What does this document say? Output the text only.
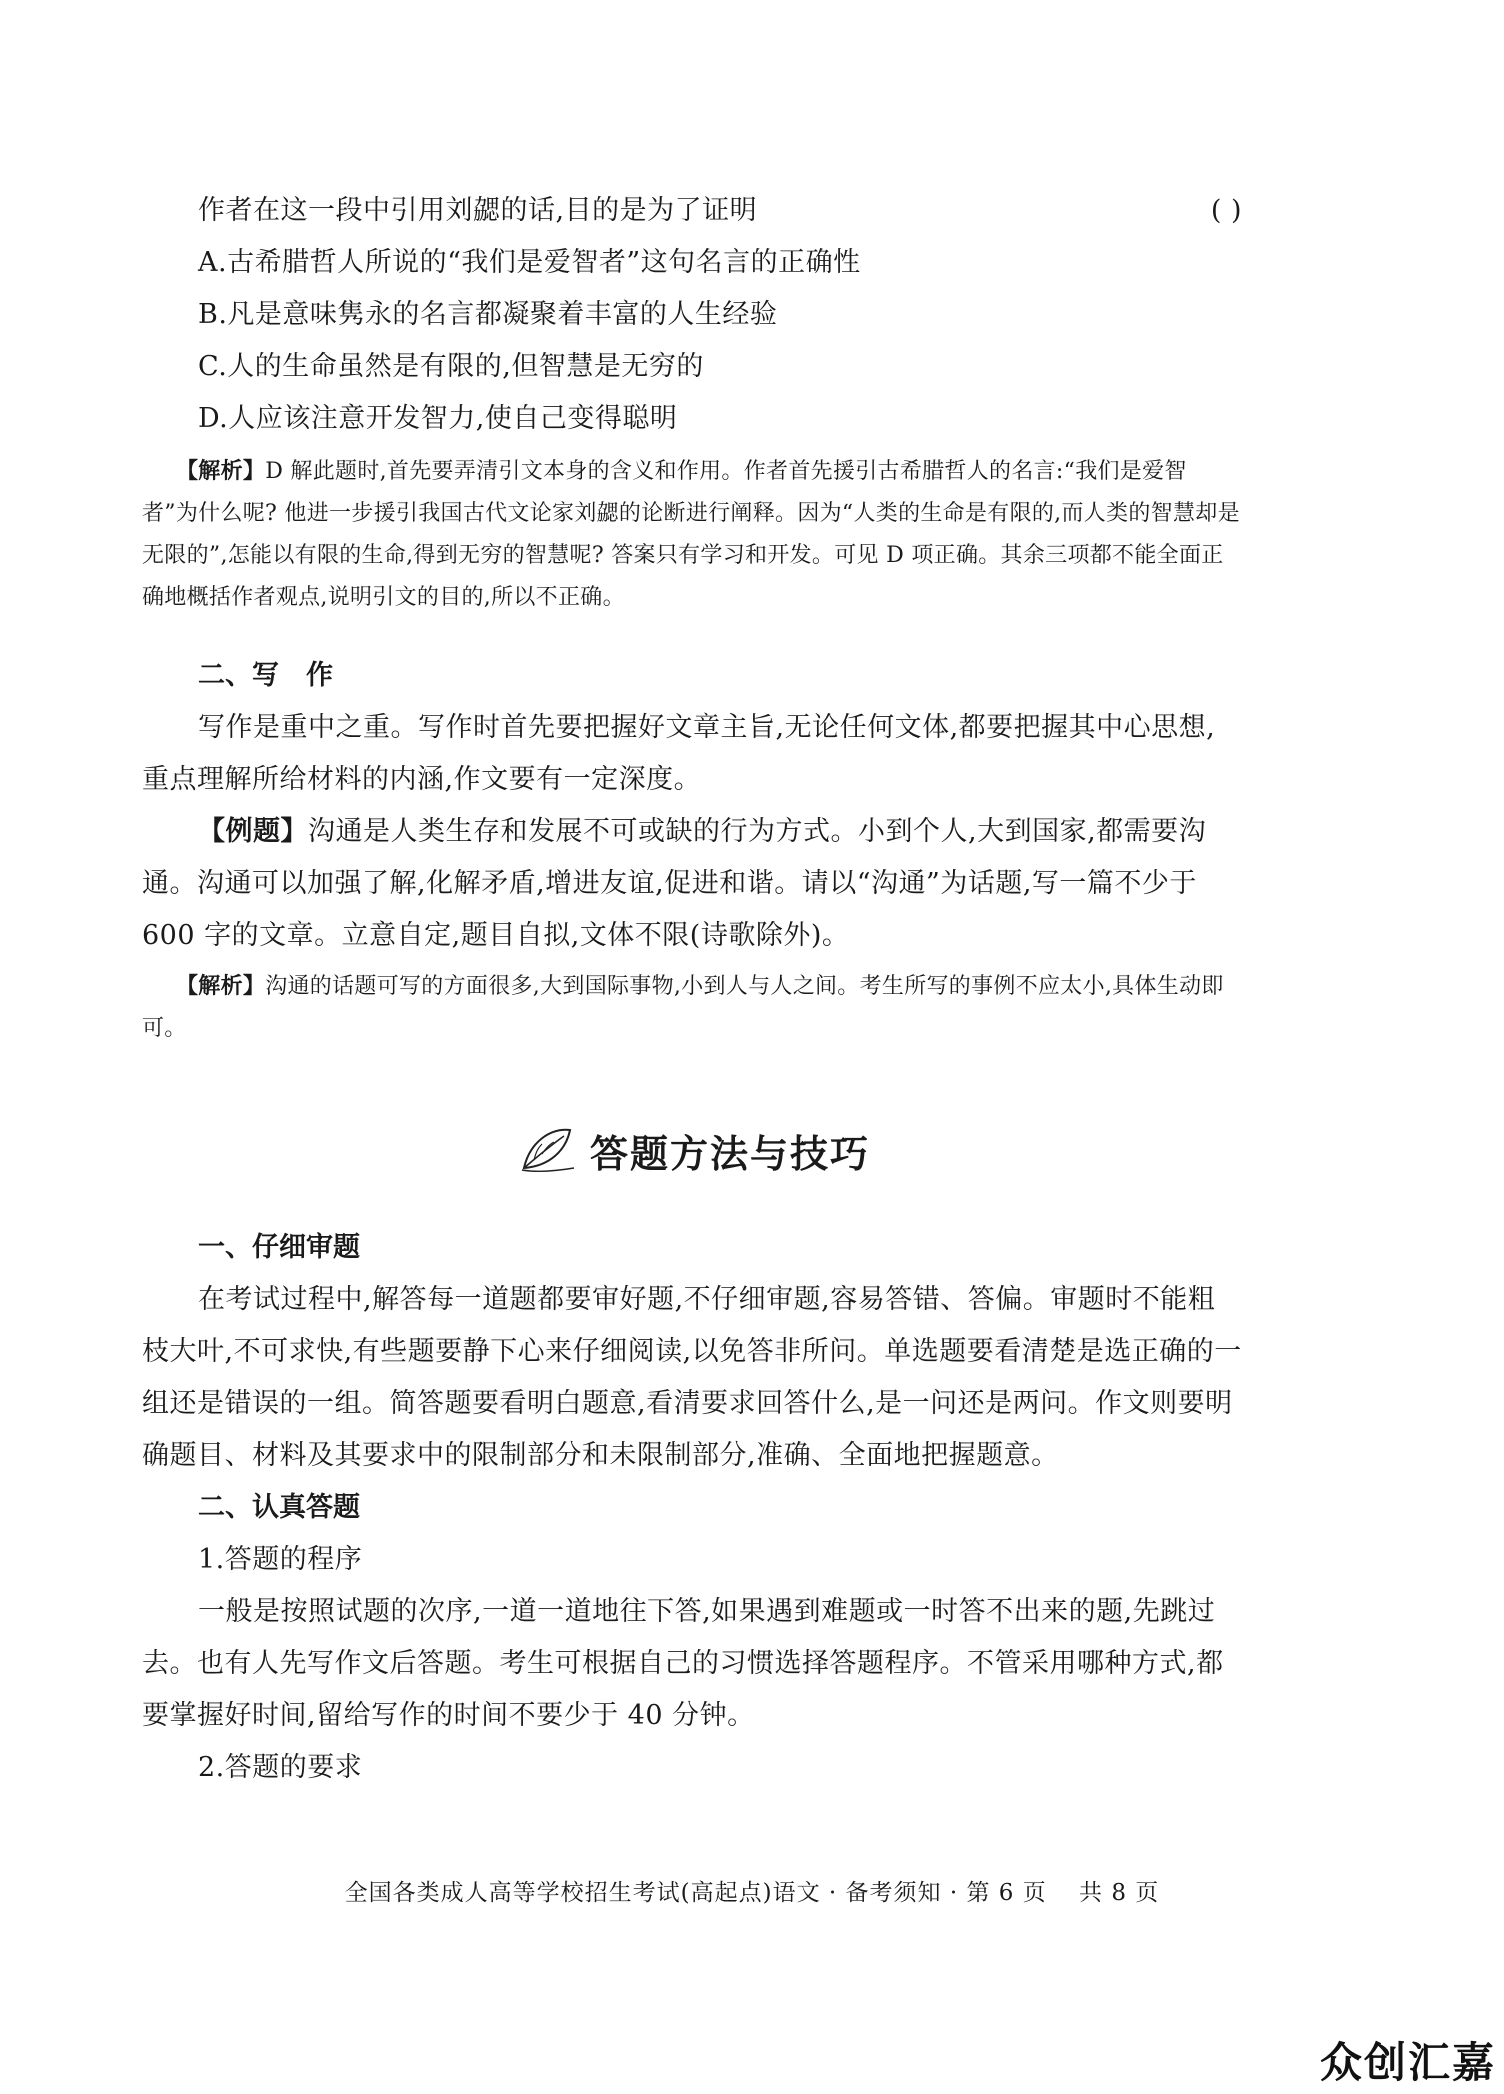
作者在这一段中引用刘勰的话,目的是为了证明	( )
A.古希腊哲人所说的“我们是爱智者”这句名言的正确性
B.凡是意味隽永的名言都凝聚着丰富的人生经验
C.人的生命虽然是有限的,但智慧是无穷的
D.人应该注意开发智力,使自己变得聪明

【解析】D 解此题时,首先要弄清引文本身的含义和作用。作者首先援引古希腊哲人的名言:“我们是爱智者”为什么呢? 他进一步援引我国古代文论家刘勰的论断进行阐释。因为“人类的生命是有限的,而人类的智慧却是无限的”,怎能以有限的生命,得到无穷的智慧呢? 答案只有学习和开发。可见 D 项正确。其余三项都不能全面正确地概括作者观点,说明引文的目的,所以不正确。

二、写　作

写作是重中之重。写作时首先要把握好文章主旨,无论任何文体,都要把握其中心思想,重点理解所给材料的内涵,作文要有一定深度。

【例题】沟通是人类生存和发展不可或缺的行为方式。小到个人,大到国家,都需要沟通。沟通可以加强了解,化解矛盾,增进友谊,促进和谐。请以“沟通”为话题,写一篇不少于 600 字的文章。立意自定,题目自拟,文体不限(诗歌除外)。

【解析】沟通的话题可写的方面很多,大到国际事物,小到人与人之间。考生所写的事例不应太小,具体生动即可。

答题方法与技巧

一、仔细审题

在考试过程中,解答每一道题都要审好题,不仔细审题,容易答错、答偏。审题时不能粗枝大叶,不可求快,有些题要静下心来仔细阅读,以免答非所问。单选题要看清楚是选正确的一组还是错误的一组。简答题要看明白题意,看清要求回答什么,是一问还是两问。作文则要明确题目、材料及其要求中的限制部分和未限制部分,准确、全面地把握题意。

二、认真答题

1.答题的程序

一般是按照试题的次序,一道一道地往下答,如果遇到难题或一时答不出来的题,先跳过去。也有人先写作文后答题。考生可根据自己的习惯选择答题程序。不管采用哪种方式,都要掌握好时间,留给写作的时间不要少于 40 分钟。

2.答题的要求

全国各类成人高等学校招生考试(高起点)语文 · 备考须知 · 第 6 页　 共 8 页
众创汇嘉
